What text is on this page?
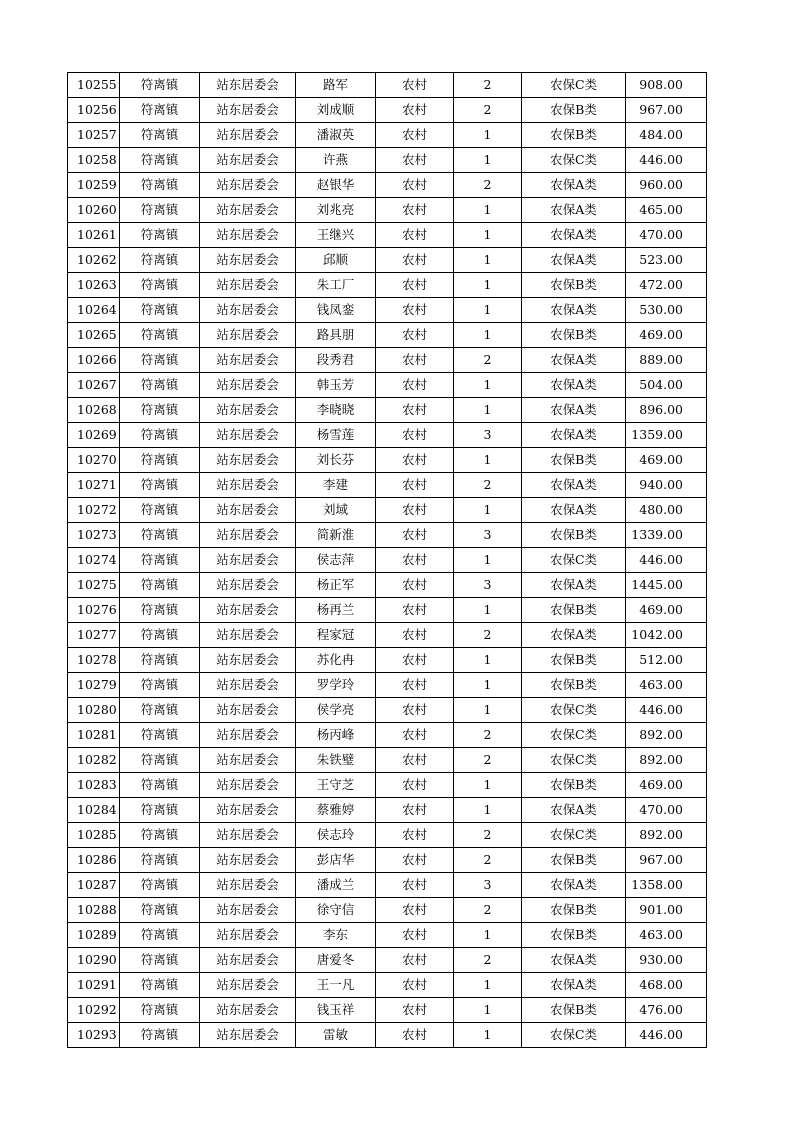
10255	符离镇	站东居委会	路军	农村	2	农保C类	908.00
10256	符离镇	站东居委会	刘成顺	农村	2	农保B类	967.00
10257	符离镇	站东居委会	潘淑英	农村	1	农保B类	484.00
10258	符离镇	站东居委会	许燕	农村	1	农保C类	446.00
10259	符离镇	站东居委会	赵银华	农村	2	农保A类	960.00
10260	符离镇	站东居委会	刘兆亮	农村	1	农保A类	465.00
10261	符离镇	站东居委会	王继兴	农村	1	农保A类	470.00
10262	符离镇	站东居委会	邱顺	农村	1	农保A类	523.00
10263	符离镇	站东居委会	朱工厂	农村	1	农保B类	472.00
10264	符离镇	站东居委会	钱凤銮	农村	1	农保A类	530.00
10265	符离镇	站东居委会	路具朋	农村	1	农保B类	469.00
10266	符离镇	站东居委会	段秀君	农村	2	农保A类	889.00
10267	符离镇	站东居委会	韩玉芳	农村	1	农保A类	504.00
10268	符离镇	站东居委会	李晓晓	农村	1	农保A类	896.00
10269	符离镇	站东居委会	杨雪莲	农村	3	农保A类	1359.00
10270	符离镇	站东居委会	刘长芬	农村	1	农保B类	469.00
10271	符离镇	站东居委会	李建	农村	2	农保A类	940.00
10272	符离镇	站东居委会	刘域	农村	1	农保A类	480.00
10273	符离镇	站东居委会	简新淮	农村	3	农保B类	1339.00
10274	符离镇	站东居委会	侯志萍	农村	1	农保C类	446.00
10275	符离镇	站东居委会	杨正军	农村	3	农保A类	1445.00
10276	符离镇	站东居委会	杨再兰	农村	1	农保B类	469.00
10277	符离镇	站东居委会	程家冠	农村	2	农保A类	1042.00
10278	符离镇	站东居委会	苏化冉	农村	1	农保B类	512.00
10279	符离镇	站东居委会	罗学玲	农村	1	农保B类	463.00
10280	符离镇	站东居委会	侯学亮	农村	1	农保C类	446.00
10281	符离镇	站东居委会	杨丙峰	农村	2	农保C类	892.00
10282	符离镇	站东居委会	朱铁璧	农村	2	农保C类	892.00
10283	符离镇	站东居委会	王守芝	农村	1	农保B类	469.00
10284	符离镇	站东居委会	蔡雅婷	农村	1	农保A类	470.00
10285	符离镇	站东居委会	侯志玲	农村	2	农保C类	892.00
10286	符离镇	站东居委会	彭店华	农村	2	农保B类	967.00
10287	符离镇	站东居委会	潘成兰	农村	3	农保A类	1358.00
10288	符离镇	站东居委会	徐守信	农村	2	农保B类	901.00
10289	符离镇	站东居委会	李东	农村	1	农保B类	463.00
10290	符离镇	站东居委会	唐爱冬	农村	2	农保A类	930.00
10291	符离镇	站东居委会	王一凡	农村	1	农保A类	468.00
10292	符离镇	站东居委会	钱玉祥	农村	1	农保B类	476.00
10293	符离镇	站东居委会	雷敏	农村	1	农保C类	446.00
